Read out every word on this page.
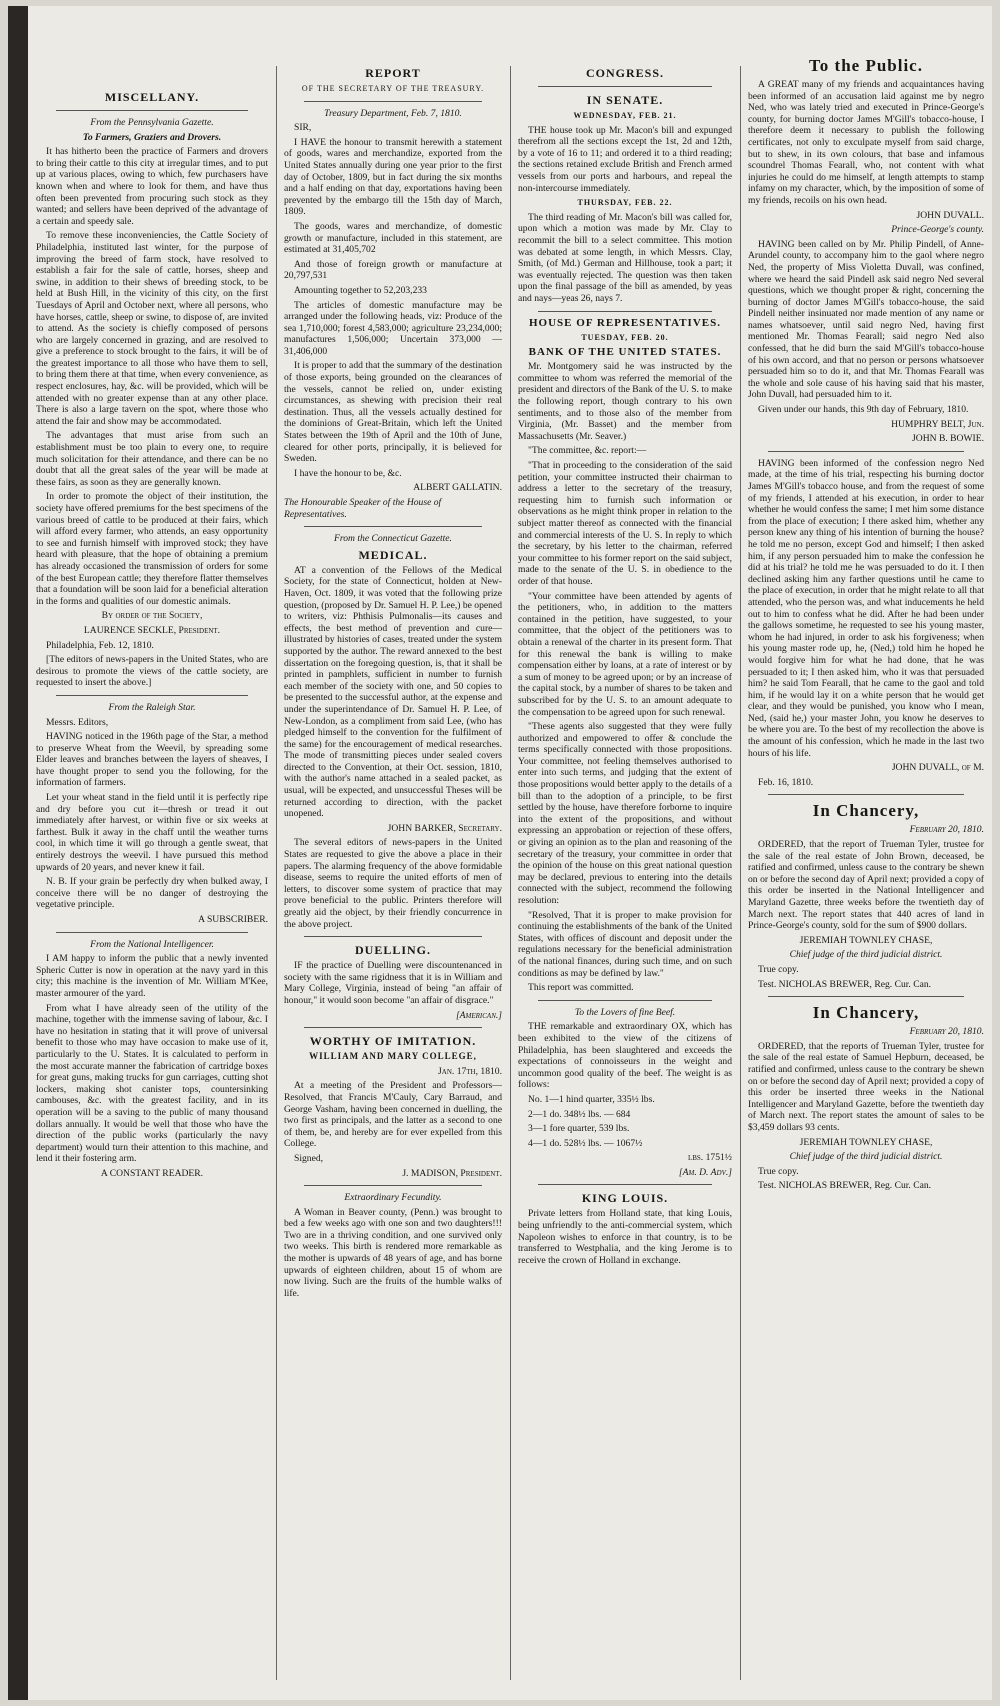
MISCELLANY.

From the Pennsylvania Gazette.

To Farmers, Graziers and Drovers.

It has hitherto been the practice of Farmers and drovers to bring their cattle to this city at irregular times, and to put up at various places, owing to which, few purchasers have known when and where to look for them, and have thus often been prevented from procuring such stock as they wanted; and sellers have been deprived of the advantage of a certain and speedy sale.

To remove these inconveniencies, the Cattle Society of Philadelphia, instituted last winter, for the purpose of improving the breed of farm stock, have resolved to establish a fair for the sale of cattle, horses, sheep and swine, in addition to their shews of breeding stock, to be held at Bush Hill, in the vicinity of this city, on the first Tuesdays of April and October next, where all persons, who have horses, cattle, sheep or swine, to dispose of, are invited to attend. As the society is chiefly composed of persons who are largely concerned in grazing, and are resolved to give a preference to stock brought to the fairs, it will be of the greatest importance to all those who have them to sell, to bring them there at that time, when every convenience, as respect enclosures, hay, &c. will be provided, which will be attended with no greater expense than at any other place. There is also a large tavern on the spot, where those who attend the fair and show may be accommodated.

The advantages that must arise from such an establishment must be too plain to every one, to require much solicitation for their attendance, and there can be no doubt that all the great sales of the year will be made at these fairs, as soon as they are generally known.

In order to promote the object of their institution, the society have offered premiums for the best specimens of the various breed of cattle to be produced at their fairs, which will afford every farmer, who attends, an easy opportunity to see and furnish himself with improved stock; they have heard with pleasure, that the hope of obtaining a premium has already occasioned the transmission of orders for some of the best European cattle; they therefore flatter themselves that a foundation will be soon laid for a beneficial alteration in the forms and qualities of our domestic animals.

By order of the Society,

LAURENCE SECKLE, President.

Philadelphia, Feb. 12, 1810.

[The editors of news-papers in the United States, who are desirous to promote the views of the cattle society, are requested to insert the above.]

From the Raleigh Star.

Messrs. Editors,

HAVING noticed in the 196th page of the Star, a method to preserve Wheat from the Weevil, by spreading some Elder leaves and branches between the layers of sheaves, I have thought proper to send you the following, for the information of farmers.

Let your wheat stand in the field until it is perfectly ripe and dry before you cut it—thresh or tread it out immediately after harvest, or within five or six weeks at farthest. Bulk it away in the chaff until the weather turns cool, in which time it will go through a gentle sweat, that entirely destroys the weevil. I have pursued this method upwards of 20 years, and never knew it fail.

N. B. If your grain be perfectly dry when bulked away, I conceive there will be no danger of destroying the vegetative principle.

A SUBSCRIBER.

From the National Intelligencer.

I AM happy to inform the public that a newly invented Spheric Cutter is now in operation at the navy yard in this city; this machine is the invention of Mr. William M'Kee, master armourer of the yard.

From what I have already seen of the utility of the machine, together with the immense saving of labour, &c. I have no hesitation in stating that it will prove of universal benefit to those who may have occasion to make use of it, particularly to the U. States. It is calculated to perform in the most accurate manner the fabrication of cartridge boxes for great guns, making trucks for gun carriages, cutting shot lockers, making shot canister tops, countersinking cambouses, &c. with the greatest facility, and in its operation will be a saving to the public of many thousand dollars annually. It would be well that those who have the direction of the public works (particularly the navy department) would turn their attention to this machine, and lend it their fostering arm.

A CONSTANT READER.

REPORT

OF THE SECRETARY OF THE TREASURY.

Treasury Department, Feb. 7, 1810.

SIR,

I HAVE the honour to transmit herewith a statement of goods, wares and merchandize, exported from the United States annually during one year prior to the first day of October, 1809, but in fact during the six months and a half ending on that day, exportations having been prevented by the embargo till the 15th day of March, 1809.

The goods, wares and merchandize, of domestic growth or manufacture, included in this statement, are estimated at 31,405,702

And those of foreign growth or manufacture at 20,797,531

Amounting together to 52,203,233

The articles of domestic manufacture may be arranged under the following heads, viz: Produce of the sea 1,710,000; forest 4,583,000; agriculture 23,234,000; manufactures 1,506,000; Uncertain 373,000 — 31,406,000

It is proper to add that the summary of the destination of those exports, being grounded on the clearances of the vessels, cannot be relied on, under existing circumstances, as shewing with precision their real destination. Thus, all the vessels actually destined for the dominions of Great-Britain, which left the United States between the 19th of April and the 10th of June, cleared for other ports, principally, it is believed for Sweden.

I have the honour to be, &c.

ALBERT GALLATIN.

The Honourable Speaker of the House of Representatives.

From the Connecticut Gazette.

MEDICAL.

AT a convention of the Fellows of the Medical Society, for the state of Connecticut, holden at New-Haven, Oct. 1809, it was voted that the following prize question, (proposed by Dr. Samuel H. P. Lee,) be opened to writers, viz: Phthisis Pulmonalis—its causes and effects, the best method of prevention and cure—illustrated by histories of cases, treated under the system supported by the author. The reward annexed to the best dissertation on the foregoing question, is, that it shall be printed in pamphlets, sufficient in number to furnish each member of the society with one, and 50 copies to be presented to the successful author, at the expense and under the superintendance of Dr. Samuel H. P. Lee, of New-London, as a compliment from said Lee, (who has pledged himself to the convention for the fulfilment of the same) for the encouragement of medical researches. The mode of transmitting pieces under sealed covers directed to the Convention, at their Oct. session, 1810, with the author's name attached in a sealed packet, as usual, will be expected, and unsuccessful Theses will be returned according to direction, with the packet unopened.

JOHN BARKER, Secretary.

The several editors of news-papers in the United States are requested to give the above a place in their papers. The alarming frequency of the above formidable disease, seems to require the united efforts of men of letters, to discover some system of practice that may prove beneficial to the public. Printers therefore will greatly aid the object, by their friendly concurrence in the above project.

DUELLING.

IF the practice of Duelling were discountenanced in society with the same rigidness that it is in William and Mary College, Virginia, instead of being "an affair of honour," it would soon become "an affair of disgrace."

[American.]

WORTHY OF IMITATION.

WILLIAM AND MARY COLLEGE,

Jan. 17th, 1810.

At a meeting of the President and Professors—Resolved, that Francis M'Cauly, Cary Barraud, and George Vasham, having been concerned in duelling, the two first as principals, and the latter as a second to one of them, be, and hereby are for ever expelled from this College.

Signed,

J. MADISON, President.

Extraordinary Fecundity.

A Woman in Beaver county, (Penn.) was brought to bed a few weeks ago with one son and two daughters!!! Two are in a thriving condition, and one survived only two weeks. This birth is rendered more remarkable as the mother is upwards of 48 years of age, and has borne upwards of eighteen children, about 15 of whom are now living. Such are the fruits of the humble walks of life.

CONGRESS.

IN SENATE.

WEDNESDAY, FEB. 21.

THE house took up Mr. Macon's bill and expunged therefrom all the sections except the 1st, 2d and 12th, by a vote of 16 to 11; and ordered it to a third reading; the sections retained exclude British and French armed vessels from our ports and harbours, and repeal the non-intercourse immediately.

THURSDAY, FEB. 22.

The third reading of Mr. Macon's bill was called for, upon which a motion was made by Mr. Clay to recommit the bill to a select committee. This motion was debated at some length, in which Messrs. Clay, Smith, (of Md.) German and Hillhouse, took a part; it was eventually rejected. The question was then taken upon the final passage of the bill as amended, by yeas and nays—yeas 26, nays 7.

HOUSE OF REPRESENTATIVES.

TUESDAY, FEB. 20.

BANK OF THE UNITED STATES.

Mr. Montgomery said he was instructed by the committee to whom was referred the memorial of the president and directors of the Bank of the U. S. to make the following report, though contrary to his own sentiments, and to those also of the member from Virginia, (Mr. Basset) and the member from Massachusetts (Mr. Seaver.)

"The committee, &c. report:—

"That in proceeding to the consideration of the said petition, your committee instructed their chairman to address a letter to the secretary of the treasury, requesting him to furnish such information or observations as he might think proper in relation to the subject matter thereof as connected with the financial and commercial interests of the U. S. In reply to which the secretary, by his letter to the chairman, referred your committee to his former report on the said subject, made to the senate of the U. S. in obedience to the order of that house.

"Your committee have been attended by agents of the petitioners, who, in addition to the matters contained in the petition, have suggested, to your committee, that the object of the petitioners was to obtain a renewal of the charter in its present form. That for this renewal the bank is willing to make compensation either by loans, at a rate of interest or by a sum of money to be agreed upon; or by an increase of the capital stock, by a number of shares to be taken and subscribed for by the U. S. to an amount adequate to the compensation to be agreed upon for such renewal.

"These agents also suggested that they were fully authorized and empowered to offer & conclude the terms specifically connected with those propositions. Your committee, not feeling themselves authorised to enter into such terms, and judging that the extent of those propositions would better apply to the details of a bill than to the adoption of a principle, to be first settled by the house, have therefore forborne to inquire into the extent of the propositions, and without expressing an approbation or rejection of these offers, or giving an opinion as to the plan and reasoning of the secretary of the treasury, your committee in order that the opinion of the house on this great national question may be declared, previous to entering into the details connected with the subject, recommend the following resolution:

"Resolved, That it is proper to make provision for continuing the establishments of the bank of the United States, with offices of discount and deposit under the regulations necessary for the beneficial administration of the national finances, during such time, and on such conditions as may be defined by law."

This report was committed.

To the Lovers of fine Beef.

THE remarkable and extraordinary OX, which has been exhibited to the view of the citizens of Philadelphia, has been slaughtered and exceeds the expectations of connoisseurs in the weight and uncommon good quality of the beef. The weight is as follows:

No. 1—1 hind quarter, 335½ lbs.

2—1 do. 348½ lbs. — 684

3—1 fore quarter, 539 lbs.

4—1 do. 528½ lbs. — 1067½

lbs. 1751½

[Am. D. Adv.]

KING LOUIS.

Private letters from Holland state, that king Louis, being unfriendly to the anti-commercial system, which Napoleon wishes to enforce in that country, is to be transferred to Westphalia, and the king Jerome is to receive the crown of Holland in exchange.

To the Public.

A GREAT many of my friends and acquaintances having been informed of an accusation laid against me by negro Ned, who was lately tried and executed in Prince-George's county, for burning doctor James M'Gill's tobacco-house, I therefore deem it necessary to publish the following certificates, not only to exculpate myself from said charge, but to shew, in its own colours, that base and infamous scoundrel Thomas Fearall, who, not content with what injuries he could do me himself, at length attempts to stamp infamy on my character, which, by the imposition of some of my friends, recoils on his own head.

JOHN DUVALL.

Prince-George's county.

HAVING been called on by Mr. Philip Pindell, of Anne-Arundel county, to accompany him to the gaol where negro Ned, the property of Miss Violetta Duvall, was confined, where we heard the said Pindell ask said negro Ned several questions, which we thought proper & right, concerning the burning of doctor James M'Gill's tobacco-house, the said Pindell neither insinuated nor made mention of any name or names whatsoever, until said negro Ned, having first mentioned Mr. Thomas Fearall; said negro Ned also confessed, that he did burn the said M'Gill's tobacco-house of his own accord, and that no person or persons whatsoever persuaded him so to do it, and that Mr. Thomas Fearall was the whole and sole cause of his having said that his master, John Duvall, had persuaded him to it.

Given under our hands, this 9th day of February, 1810.

HUMPHRY BELT, Jun.

JOHN B. BOWIE.

HAVING been informed of the confession negro Ned made, at the time of his trial, respecting his burning doctor James M'Gill's tobacco house, and from the request of some of my friends, I attended at his execution, in order to hear whether he would confess the same; I met him some distance from the place of execution; I there asked him, whether any person knew any thing of his intention of burning the house? he told me no person, except God and himself; I then asked him, if any person persuaded him to make the confession he did at his trial? he told me he was persuaded to do it. I then declined asking him any farther questions until he came to the place of execution, in order that he might relate to all that attended, who the person was, and what inducements he held out to him to confess what he did. After he had been under the gallows sometime, he requested to see his young master, whom he had injured, in order to ask his forgiveness; when his young master rode up, he, (Ned,) told him he hoped he would forgive him for what he had done, that he was persuaded to it; I then asked him, who it was that persuaded him? he said Tom Fearall, that he came to the gaol and told him, if he would lay it on a white person that he would get clear, and they would be punished, you know who I mean, Ned, (said he,) your master John, you know he deserves to be where you are. To the best of my recollection the above is the amount of his confession, which he made in the last two hours of his life.

JOHN DUVALL, of M.

Feb. 16, 1810.

In Chancery,

February 20, 1810.

ORDERED, that the report of Trueman Tyler, trustee for the sale of the real estate of John Brown, deceased, be ratified and confirmed, unless cause to the contrary be shewn on or before the second day of April next; provided a copy of this order be inserted in the National Intelligencer and Maryland Gazette, three weeks before the twentieth day of March next. The report states that 440 acres of land in Prince-George's county, sold for the sum of $900 dollars.

JEREMIAH TOWNLEY CHASE,

Chief judge of the third judicial district.

True copy.

Test. NICHOLAS BREWER, Reg. Cur. Can.

In Chancery,

February 20, 1810.

ORDERED, that the reports of Trueman Tyler, trustee for the sale of the real estate of Samuel Hepburn, deceased, be ratified and confirmed, unless cause to the contrary be shewn on or before the second day of April next; provided a copy of this order be inserted three weeks in the National Intelligencer and Maryland Gazette, before the twentieth day of March next. The report states the amount of sales to be $3,459 dollars 93 cents.

JEREMIAH TOWNLEY CHASE,

Chief judge of the third judicial district.

True copy.

Test. NICHOLAS BREWER, Reg. Cur. Can.
